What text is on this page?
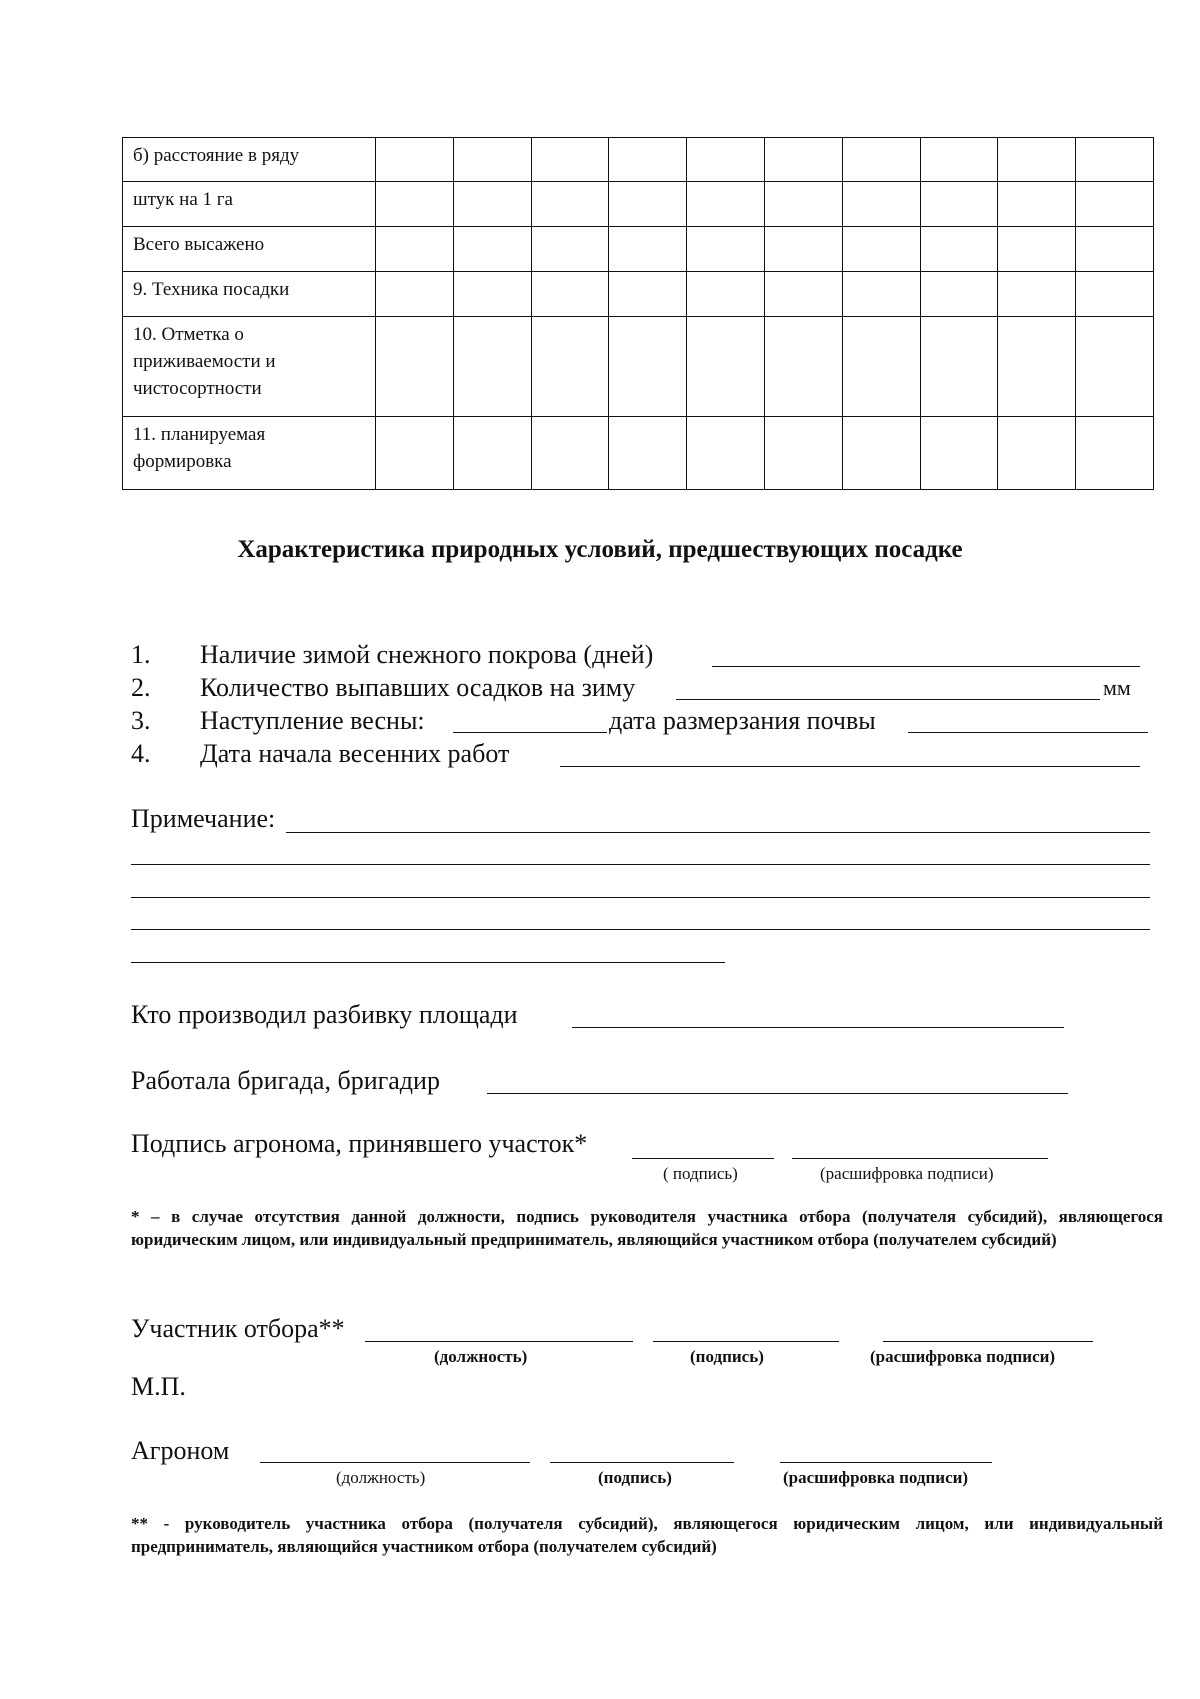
б) расстояние в ряду										
штук на 1 га										
Всего высажено										
9. Техника посадки										
10. Отметка о приживаемости и чистосортности										
11. планируемая формировка										
Характеристика природных условий, предшествующих посадке
1. Наличие зимой снежного покрова (дней)
2. Количество выпавших осадков на зиму	мм
3. Наступление весны:	дата размерзания почвы
4. Дата начала весенних работ
Примечание:
Кто производил разбивку площади
Работала бригада, бригадир
Подпись агронома, принявшего участок*
( подпись)	(расшифровка подписи)
* – в случае отсутствия данной должности, подпись руководителя участника отбора (получателя субсидий), являющегося юридическим лицом, или индивидуальный предприниматель, являющийся участником отбора (получателем субсидий)
Участник отбора**
(должность)	(подпись)	(расшифровка подписи)
М.П.
Агроном
(должность)	(подпись)	(расшифровка подписи)
** - руководитель участника отбора (получателя субсидий), являющегося юридическим лицом, или индивидуальный предприниматель, являющийся участником отбора (получателем субсидий)
